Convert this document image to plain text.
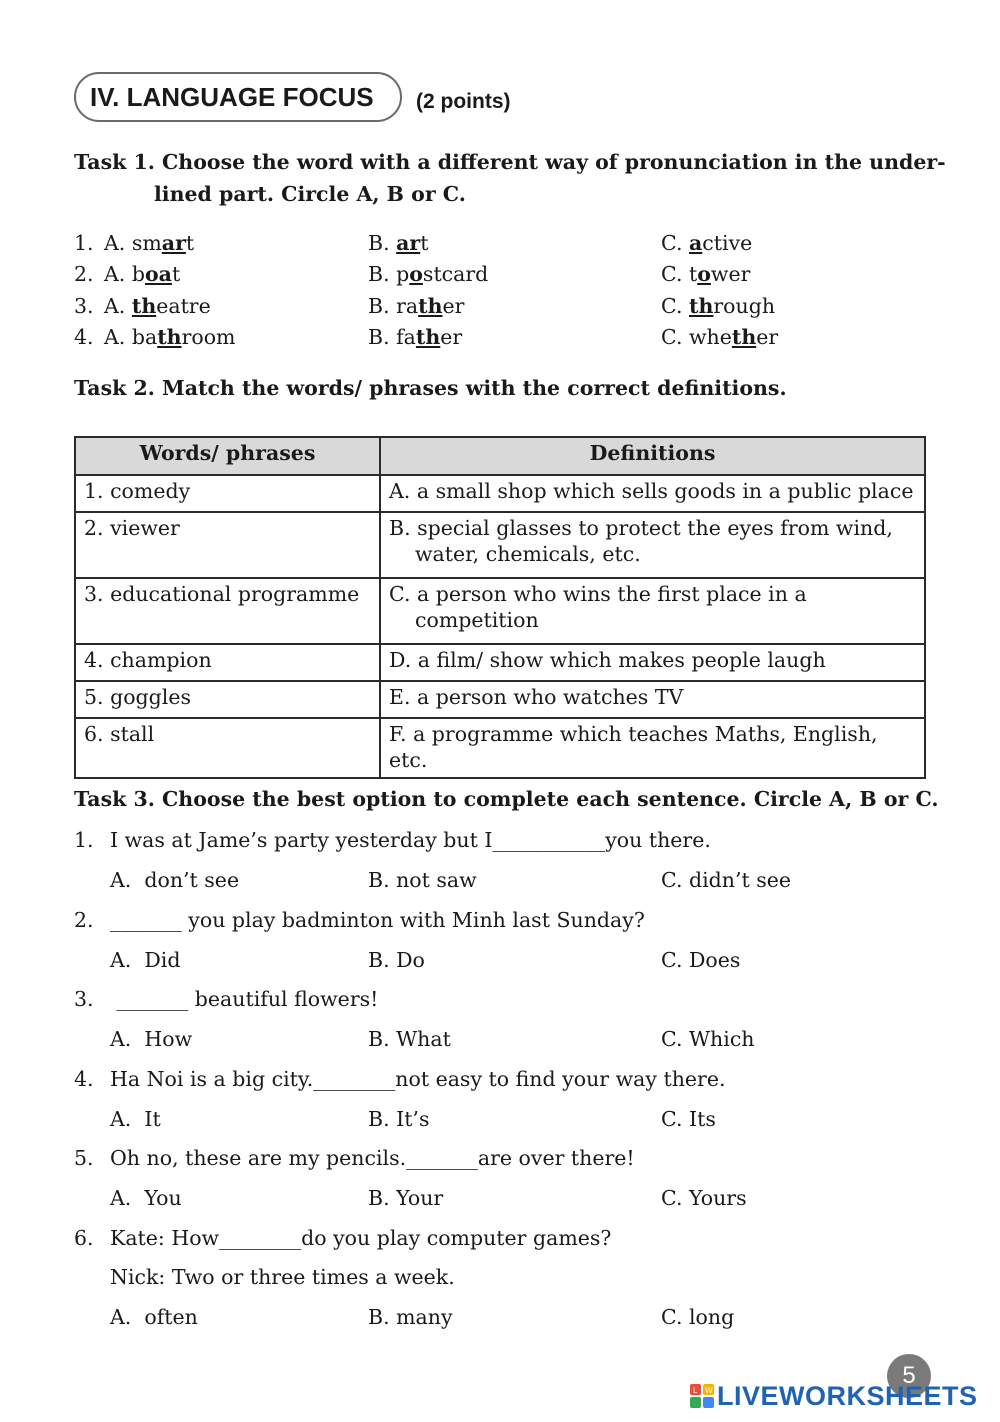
IV. LANGUAGE FOCUS (2 points)
Task 1. Choose the word with a different way of pronunciation in the under-
lined part. Circle A, B or C.
1. A. smart	B. art	C. active
2. A. boat	B. postcard	C. tower
3. A. theatre	B. rather	C. through
4. A. bathroom	B. father	C. whether
Task 2. Match the words/ phrases with the correct definitions.
Words/ phrases	Definitions
1. comedy	A. a small shop which sells goods in a public place
2. viewer	B. special glasses to protect the eyes from wind,
water, chemicals, etc.

3. educational programme	C. a person who wins the first place in a
competition

4. champion	D. a film/ show which makes people laugh
5. goggles	E. a person who watches TV
6. stall	F. a programme which teaches Maths, English, etc.
Task 3. Choose the best option to complete each sentence. Circle A, B or C.
1. I was at Jame’s party yesterday but I___________you there.
A.  don’t see	B. not saw	C. didn’t see
2. _______ you play badminton with Minh last Sunday?
A.  Did	B. Do	C. Does
3. _______ beautiful flowers!
A.  How	B. What	C. Which
4. Ha Noi is a big city.________not easy to find your way there.
A.  It	B. It’s	C. Its
5. Oh no, these are my pencils._______are over there!
A.  You	B. Your	C. Yours
6. Kate: How________do you play computer games?
Nick: Two or three times a week.
A.  often	B. many	C. long
5
L W LIVEWORKSHEETS
